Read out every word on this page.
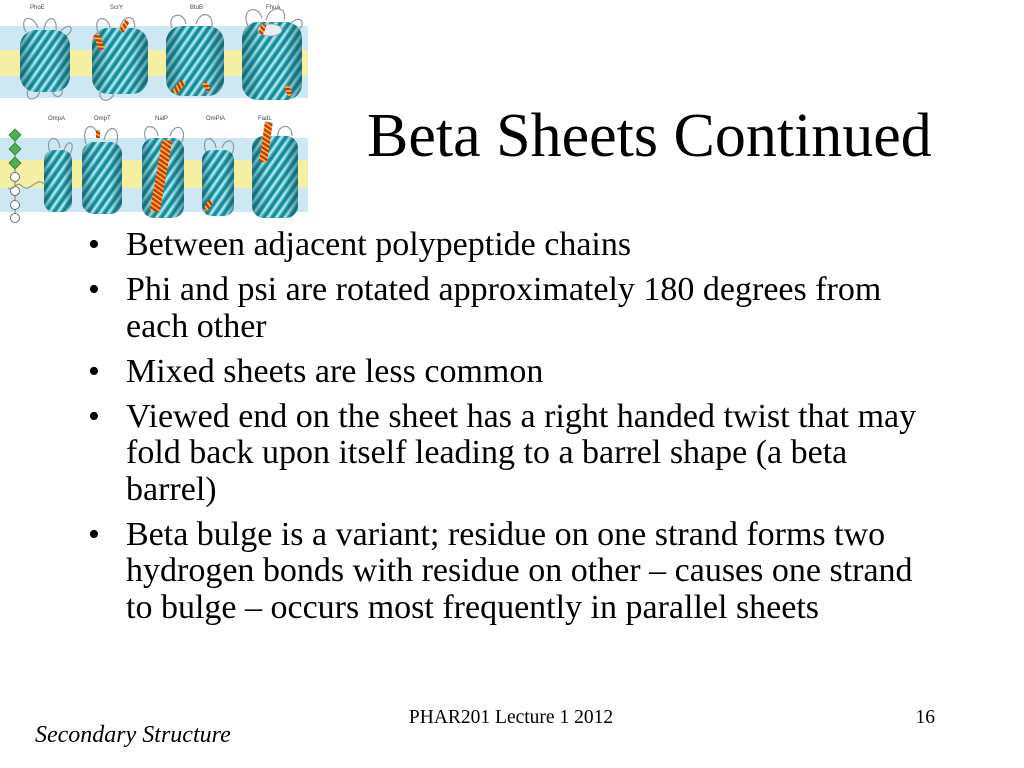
PhoE	ScrY	BtuB	FhuA
OmpA	OmpT	NalP	OmPlA	FadL Beta Sheets Continued
• Between adjacent polypeptide chains
• Phi and psi are rotated approximately 180 degrees from each other
• Mixed sheets are less common
• Viewed end on the sheet has a right handed twist that may fold back upon itself leading to a barrel shape (a beta barrel)
• Beta bulge is a variant; residue on one strand forms two hydrogen bonds with residue on other – causes one strand to bulge – occurs most frequently in parallel sheets
PHAR201 Lecture 1 2012	16
Secondary Structure
